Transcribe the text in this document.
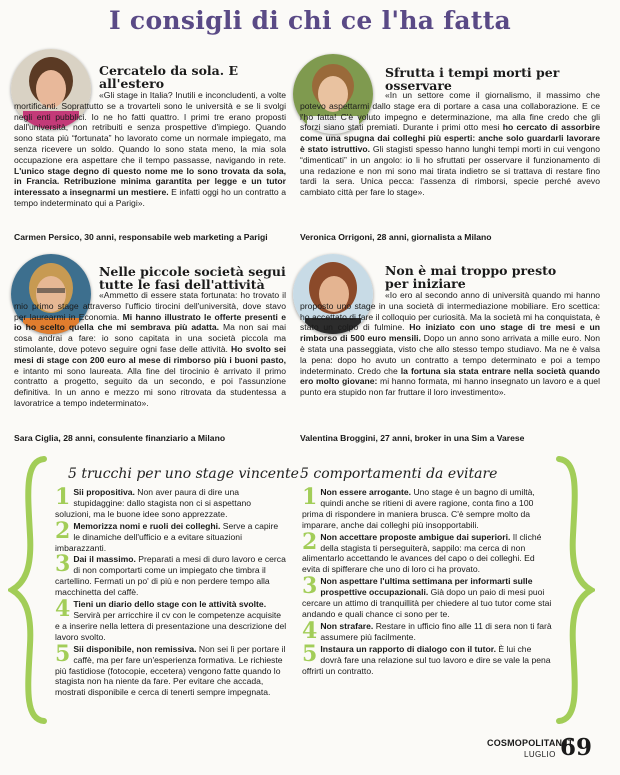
I consigli di chi ce l'ha fatta
Cercatelo da sola. E all'estero

«Gli stage in Italia? Inutili e inconcludenti, a volte mortificanti. Soprattutto se a trovarteli sono le università e se li svolgi negli enti pubblici. Io ne ho fatti quattro. I primi tre erano proposti dall'università, non retribuiti e senza prospettive d'impiego. Quando sono stata più “fortunata” ho lavorato come un normale impiegato, ma senza ricevere un soldo. Quando lo sono stata meno, la mia sola occupazione era aspettare che il tempo passasse, navigando in rete. L'unico stage degno di questo nome me lo sono trovata da sola, in Francia. Retribuzione minima garantita per legge e un tutor interessato a insegnarmi un mestiere. E infatti oggi ho un contratto a tempo indeterminato qui a Parigi».

Carmen Persico, 30 anni, responsabile web marketing a Parigi

Sfrutta i tempi morti per osservare

«In un settore come il giornalismo, il massimo che potevo aspettarmi dallo stage era di portare a casa una collaborazione. E ce l'ho fatta! C'è voluto impegno e determinazione, ma alla fine credo che gli sforzi siano stati premiati. Durante i primi otto mesi ho cercato di assorbire come una spugna dai colleghi più esperti: anche solo guardarli lavorare è stato istruttivo. Gli stagisti spesso hanno lunghi tempi morti in cui vengono “dimenticati” in un angolo: io li ho sfruttati per osservare il funzionamento di una redazione e non mi sono mai tirata indietro se si trattava di restare fino tardi la sera. Unica pecca: l'assenza di rimborsi, specie perché avevo cambiato città per fare lo stage».

Veronica Orrigoni, 28 anni, giornalista a Milano

Nelle piccole società segui tutte le fasi dell'attività

«Ammetto di essere stata fortunata: ho trovato il mio primo stage attraverso l'ufficio tirocini dell'università, dove stavo per laurearmi in Economia. Mi hanno illustrato le offerte presenti e io ho scelto quella che mi sembrava più adatta. Ma non sai mai cosa andrai a fare: io sono capitata in una società piccola ma stimolante, dove potevo seguire ogni fase delle attività. Ho svolto sei mesi di stage con 200 euro al mese di rimborso più i buoni pasto, e intanto mi sono laureata. Alla fine del tirocinio è arrivato il primo contratto a progetto, seguito da un secondo, e poi l'assunzione definitiva. In un anno e mezzo mi sono ritrovata da studentessa a lavoratrice a tempo indeterminato».

Sara Ciglia, 28 anni, consulente finanziario a Milano

Non è mai troppo presto per iniziare

«Io ero al secondo anno di università quando mi hanno proposto uno stage in una società di intermediazione mobiliare. Ero scettica: ho accettato di fare il colloquio per curiosità. Ma la società mi ha conquistata, è stato un colpo di fulmine. Ho iniziato con uno stage di tre mesi e un rimborso di 500 euro mensili. Dopo un anno sono arrivata a mille euro. Non è stata una passeggiata, visto che allo stesso tempo studiavo. Ma ne è valsa la pena: dopo ho avuto un contratto a tempo determinato e poi a tempo indeterminato. Credo che la fortuna sia stata entrare nella società quando ero molto giovane: mi hanno formata, mi hanno insegnato un lavoro e a quel punto era stupido non far fruttare il loro investimento».

Valentina Broggini, 27 anni, broker in una Sim a Varese

5 trucchi per uno stage vincente
1 Sii propositiva. Non aver paura di dire una stupidaggine: dallo stagista non ci si aspettano soluzioni, ma le buone idee sono apprezzate.
2 Memorizza nomi e ruoli dei colleghi. Serve a capire le dinamiche dell'ufficio e a evitare situazioni imbarazzanti.
3 Dai il massimo. Preparati a mesi di duro lavoro e cerca di non comportarti come un impiegato che timbra il cartellino. Fermati un po' di più e non perdere tempo alla macchinetta del caffè.
4 Tieni un diario dello stage con le attività svolte. Servirà per arricchire il cv con le competenze acquisite e a inserire nella lettera di presentazione una descrizione del lavoro svolto.
5 Sii disponibile, non remissiva. Non sei lì per portare il caffè, ma per fare un'esperienza formativa. Le richieste più fastidiose (fotocopie, eccetera) vengono fatte quando lo stagista non ha niente da fare. Per evitare che accada, mostrati disponibile e cerca di tenerti sempre impegnata.
5 comportamenti da evitare
1 Non essere arrogante. Uno stage è un bagno di umiltà, quindi anche se ritieni di avere ragione, conta fino a 100 prima di rispondere in maniera brusca. C'è sempre molto da imparare, anche dai colleghi più insopportabili.
2 Non accettare proposte ambigue dai superiori. Il cliché della stagista ti perseguiterà, sappilo: ma cerca di non alimentarlo accettando le avances del capo o dei colleghi. Ed evita di spifferare che uno di loro ci ha provato.
3 Non aspettare l'ultima settimana per informarti sulle prospettive occupazionali. Già dopo un paio di mesi puoi cercare un attimo di tranquillità per chiedere al tuo tutor come stai andando e quali chance ci sono per te.
4 Non strafare. Restare in ufficio fino alle 11 di sera non ti farà assumere più facilmente.
5 Instaura un rapporto di dialogo con il tutor. È lui che dovrà fare una relazione sul tuo lavoro e dire se vale la pena offrirti un contratto.
COSMOPOLITAN.IT
LUGLIO 69
